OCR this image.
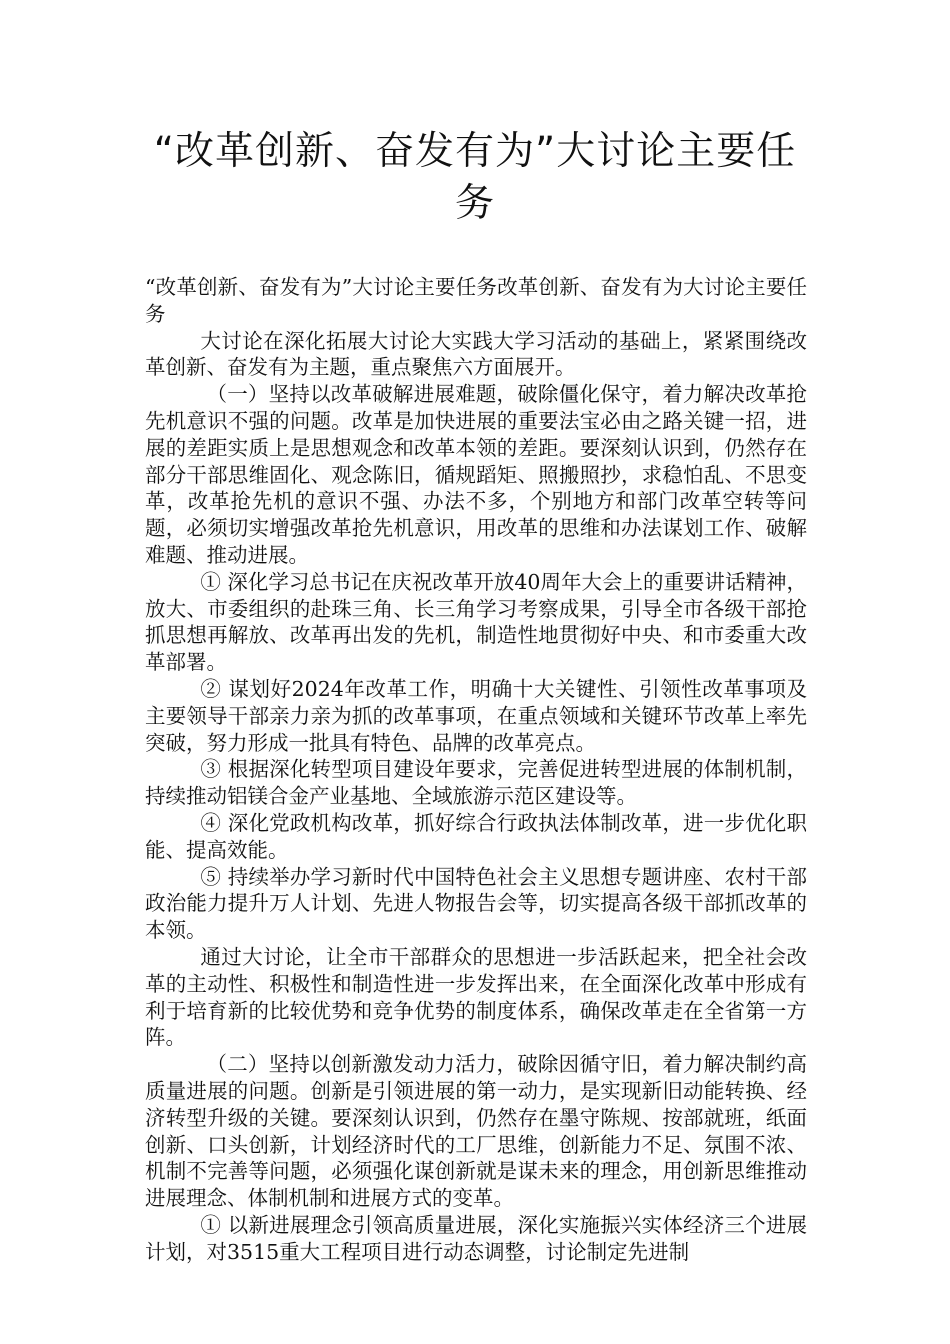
“改革创新、奋发有为”大讨论主要任务

“改革创新、奋发有为”大讨论主要任务改革创新、奋发有为大讨论主要任务

大讨论在深化拓展大讨论大实践大学习活动的基础上，紧紧围绕改革创新、奋发有为主题，重点聚焦六方面展开。

（一）坚持以改革破解进展难题，破除僵化保守，着力解决改革抢先机意识不强的问题。改革是加快进展的重要法宝必由之路关键一招，进展的差距实质上是思想观念和改革本领的差距。要深刻认识到，仍然存在部分干部思维固化、观念陈旧，循规蹈矩、照搬照抄，求稳怕乱、不思变革，改革抢先机的意识不强、办法不多，个别地方和部门改革空转等问题，必须切实增强改革抢先机意识，用改革的思维和办法谋划工作、破解难题、推动进展。

① 深化学习总书记在庆祝改革开放40周年大会上的重要讲话精神，放大、市委组织的赴珠三角、长三角学习考察成果，引导全市各级干部抢抓思想再解放、改革再出发的先机，制造性地贯彻好中央、和市委重大改革部署。

② 谋划好2024年改革工作，明确十大关键性、引领性改革事项及主要领导干部亲力亲为抓的改革事项，在重点领域和关键环节改革上率先突破，努力形成一批具有特色、品牌的改革亮点。

③ 根据深化转型项目建设年要求，完善促进转型进展的体制机制，持续推动铝镁合金产业基地、全域旅游示范区建设等。

④ 深化党政机构改革，抓好综合行政执法体制改革，进一步优化职能、提高效能。

⑤ 持续举办学习新时代中国特色社会主义思想专题讲座、农村干部政治能力提升万人计划、先进人物报告会等，切实提高各级干部抓改革的本领。

通过大讨论，让全市干部群众的思想进一步活跃起来，把全社会改革的主动性、积极性和制造性进一步发挥出来，在全面深化改革中形成有利于培育新的比较优势和竞争优势的制度体系，确保改革走在全省第一方阵。

（二）坚持以创新激发动力活力，破除因循守旧，着力解决制约高质量进展的问题。创新是引领进展的第一动力，是实现新旧动能转换、经济转型升级的关键。要深刻认识到，仍然存在墨守陈规、按部就班，纸面创新、口头创新，计划经济时代的工厂思维，创新能力不足、氛围不浓、机制不完善等问题，必须强化谋创新就是谋未来的理念，用创新思维推动进展理念、体制机制和进展方式的变革。

① 以新进展理念引领高质量进展，深化实施振兴实体经济三个进展计划，对3515重大工程项目进行动态调整，讨论制定先进制
